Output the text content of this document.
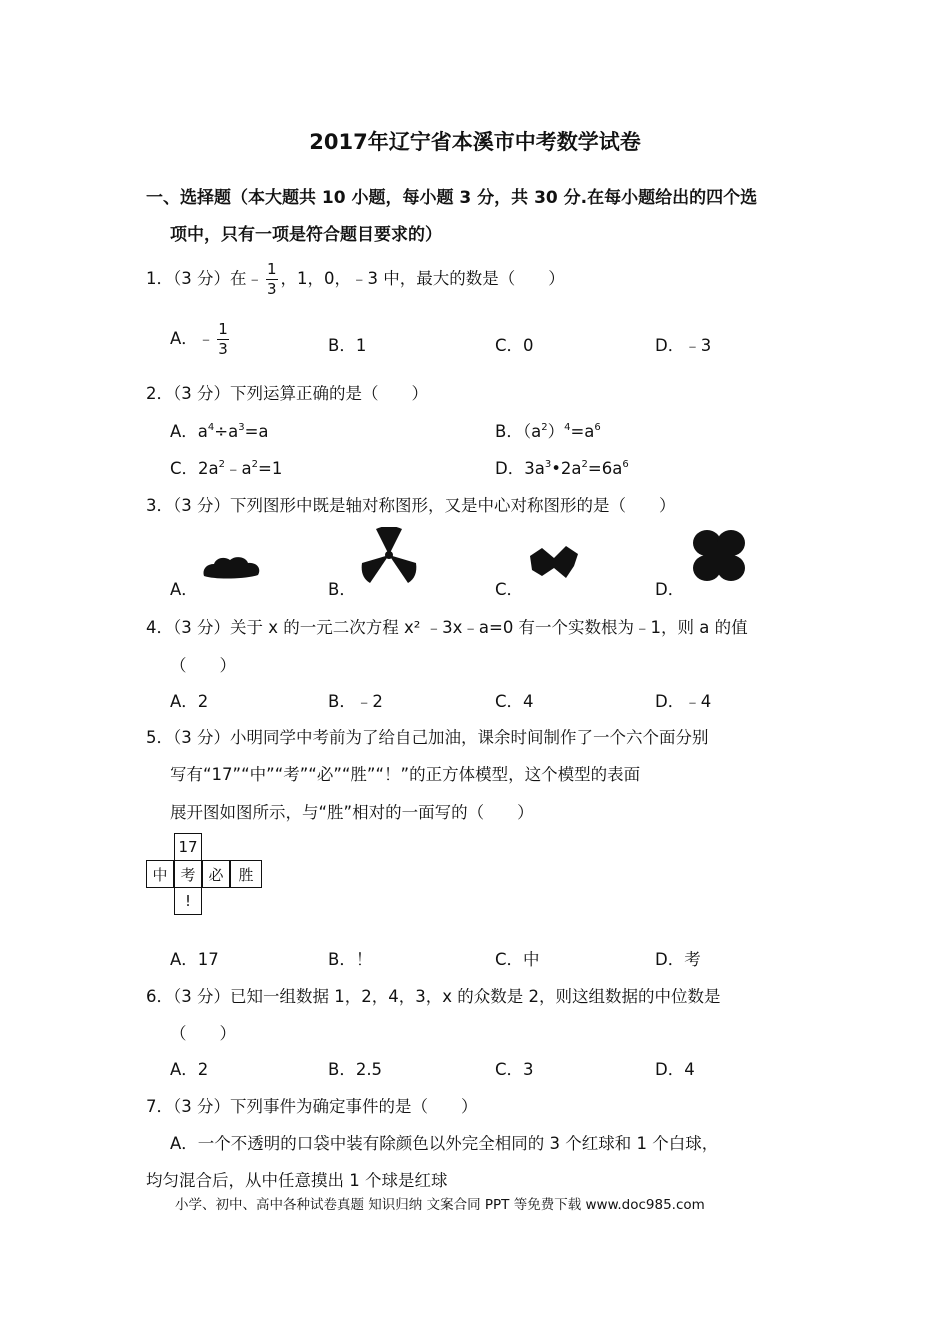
2017年辽宁省本溪市中考数学试卷
一、选择题（本大题共 10 小题，每小题 3 分，共 30 分.在每小题给出的四个选
项中，只有一项是符合题目要求的）
1．（3 分）在﹣ $\frac{1}{3}$ ，1，0，﹣3 中，最大的数是（　　）
A．﹣ $\frac{1}{3}$	B．1	C．0	D．﹣3
2．（3 分）下列运算正确的是（　　）
A．$a^4\div a^3=a$	B．$(a^2)^4=a^6$
C．$2a^2﹣a^2=1$	D．$3a^3•2a^2=6a^6$
3．（3 分）下列图形中既是轴对称图形，又是中心对称图形的是（　　）
A．	B．	C．	D．
4．（3 分）关于 x 的一元二次方程 x² ﹣3x﹣a=0 有一个实数根为﹣1，则 a 的值
（　　）
A．2	B．﹣2	C．4	D．﹣4
5．（3 分）小明同学中考前为了给自己加油，课余时间制作了一个六个面分别
写有“17”“中”“考”“必”“胜”“！”的正方体模型，这个模型的表面
展开图如图所示，与“胜”相对的一面写的（　　）
17
中 考 必 胜
!
A．17	B．！	C．中	D．考
6．（3 分）已知一组数据 1，2，4，3，x 的众数是 2，则这组数据的中位数是
（　　）
A．2	B．2.5	C．3	D．4
7．（3 分）下列事件为确定事件的是（　　）
A．一个不透明的口袋中装有除颜色以外完全相同的 3 个红球和 1 个白球，
均匀混合后，从中任意摸出 1 个球是红球
小学、初中、高中各种试卷真题 知识归纳 文案合同 PPT 等免费下载 www.doc985.com
